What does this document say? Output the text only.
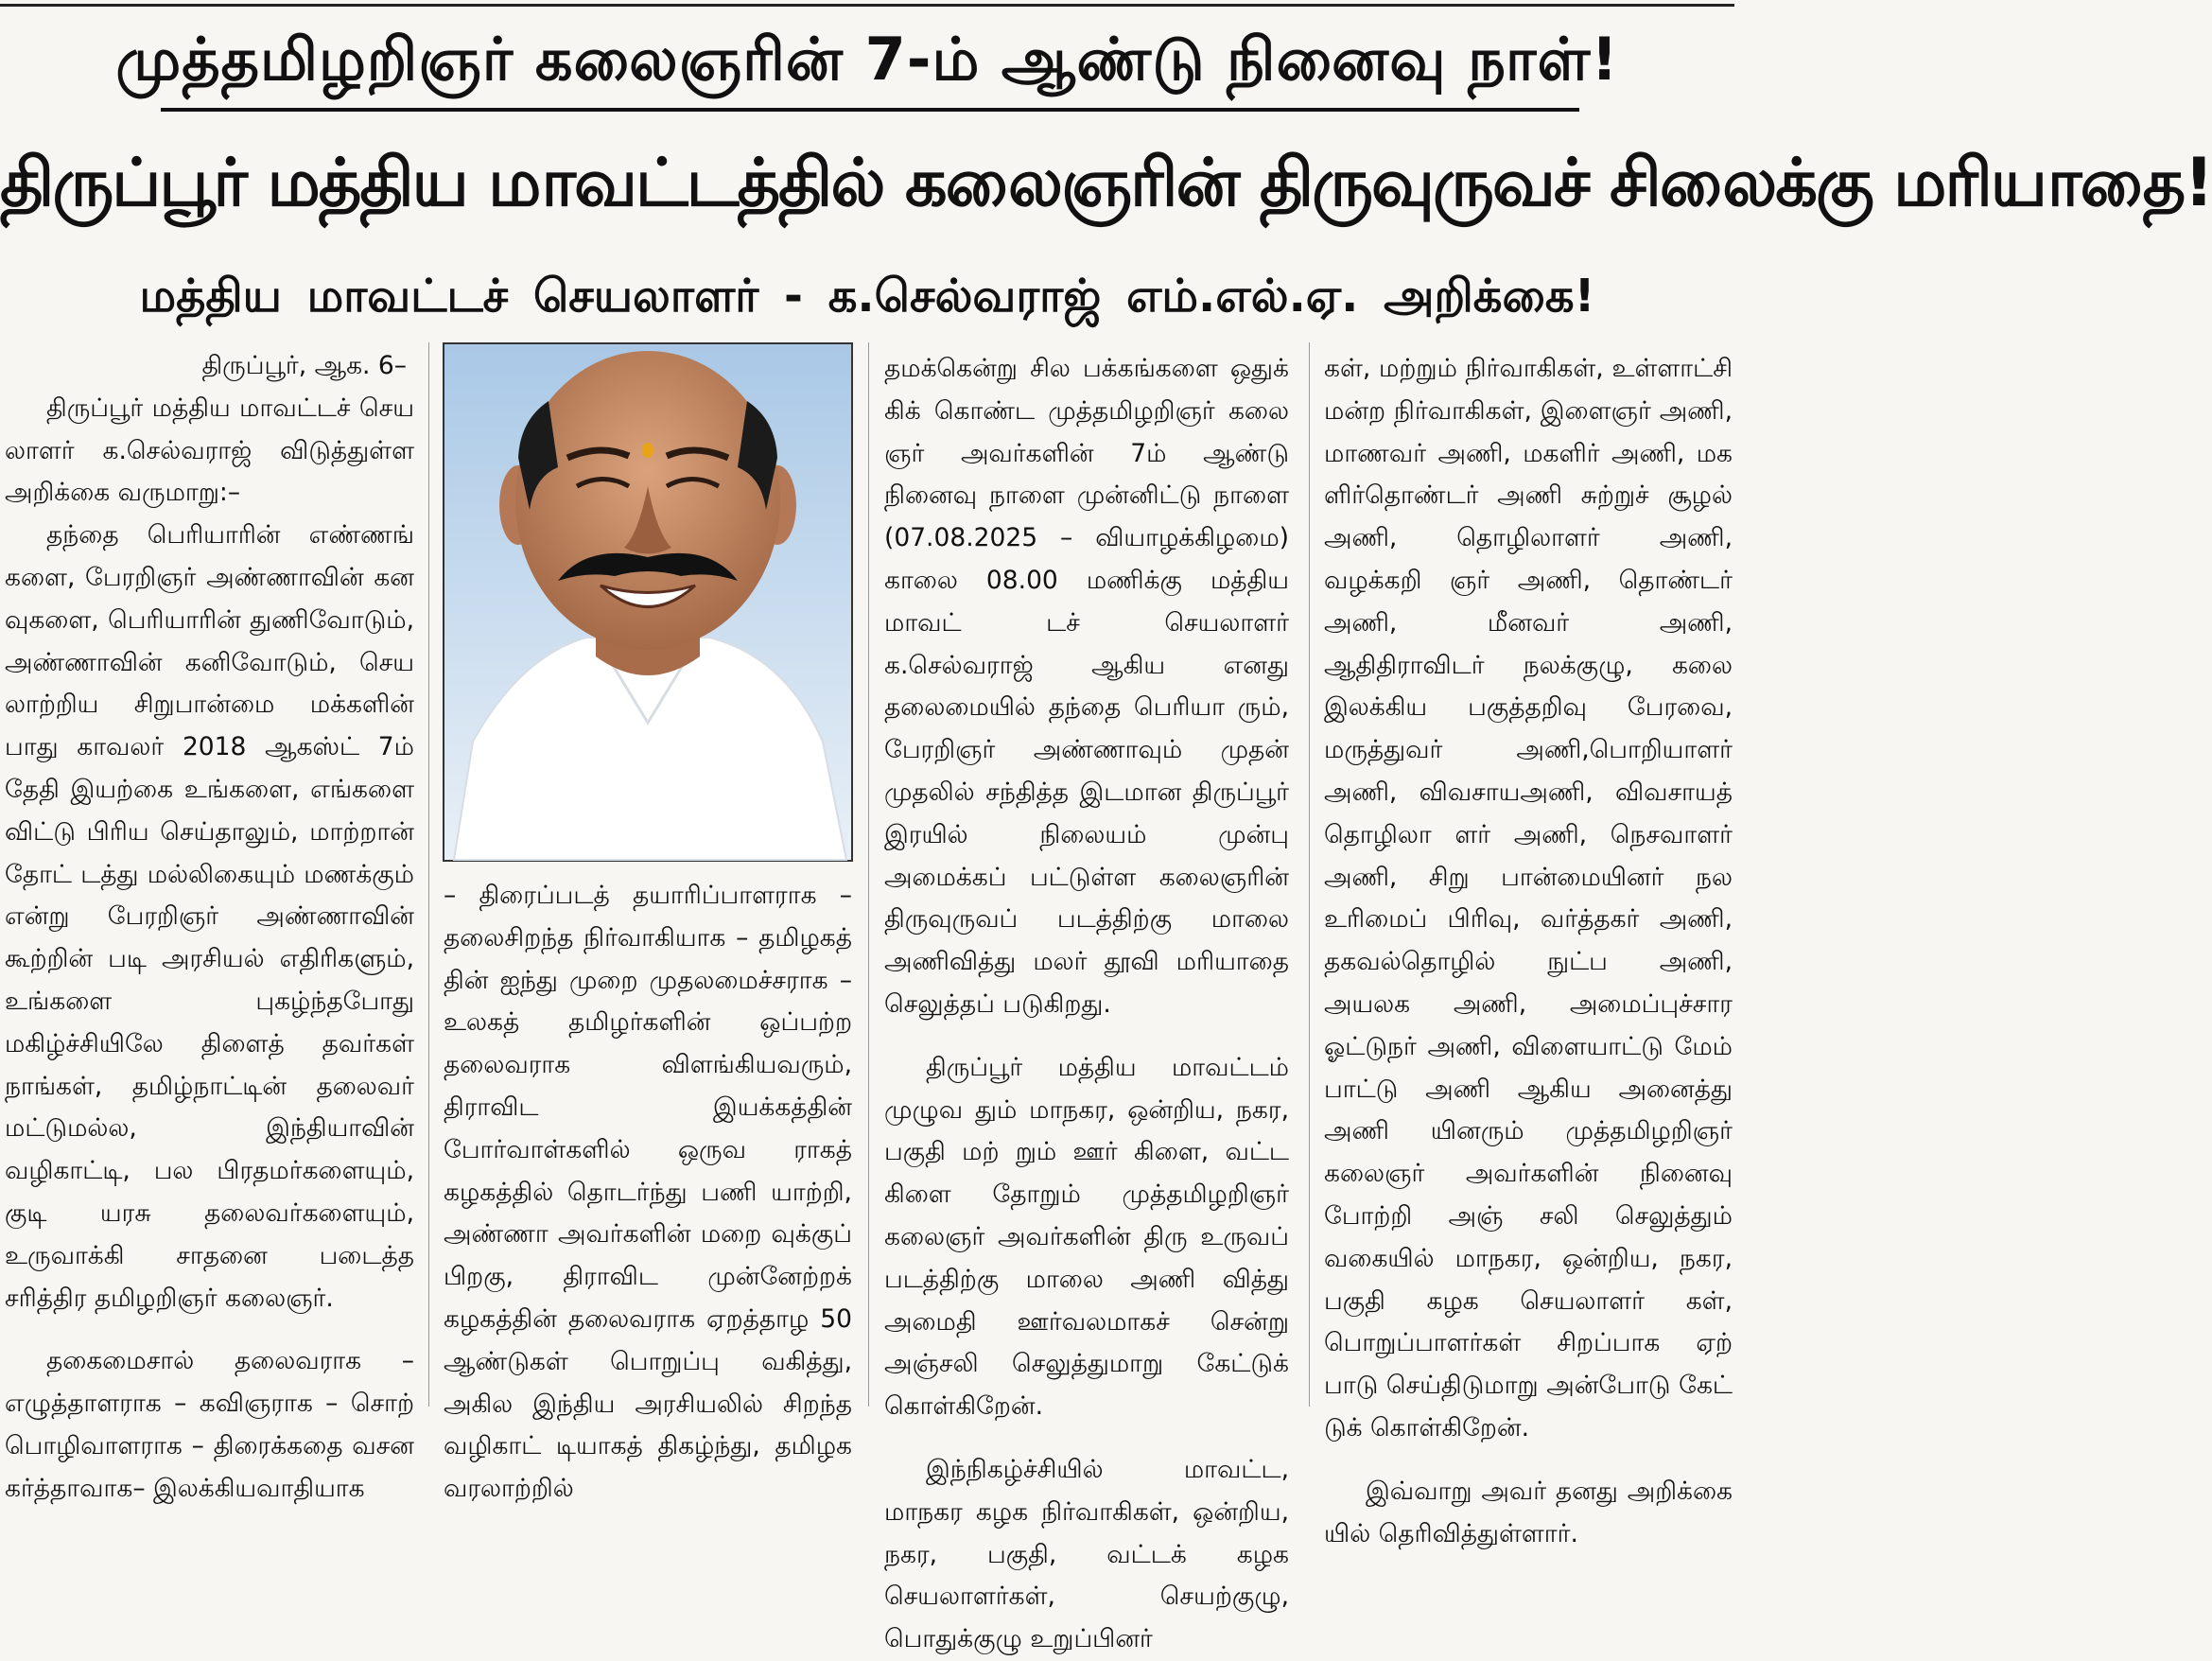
முத்தமிழறிஞர் கலைஞரின் 7-ம் ஆண்டு நினைவு நாள்!
திருப்பூர் மத்திய மாவட்டத்தில் கலைஞரின் திருவுருவச் சிலைக்கு மரியாதை!
மத்திய மாவட்டச் செயலாளர் - க.செல்வராஜ் எம்.எல்.ஏ. அறிக்கை!

திருப்பூர், ஆக. 6–

திருப்பூர் மத்திய மாவட்டச் செய லாளர் க.செல்வராஜ் விடுத்துள்ள அறிக்கை வருமாறு:–

தந்தை பெரியாரின் எண்ணங் களை, பேரறிஞர் அண்ணாவின் கன வுகளை, பெரியாரின் துணிவோடும், அண்ணாவின் கனிவோடும், செய லாற்றிய சிறுபான்மை மக்களின் பாது காவலர் 2018 ஆகஸ்ட் 7ம் தேதி இயற்கை உங்களை, எங்களை விட்டு பிரிய செய்தாலும், மாற்றான் தோட் டத்து மல்லிகையும் மணக்கும் என்று பேரறிஞர் அண்ணாவின் கூற்றின் படி அரசியல் எதிரிகளும், உங்களை புகழ்ந்தபோது மகிழ்ச்சியிலே திளைத் தவர்கள் நாங்கள், தமிழ்நாட்டின் தலைவர் மட்டுமல்ல, இந்தியாவின் வழிகாட்டி, பல பிரதமர்களையும், குடி யரசு தலைவர்களையும், உருவாக்கி சாதனை படைத்த சரித்திர தமிழறிஞர் கலைஞர்.

தகைமைசால் தலைவராக – எழுத்தாளராக – கவிஞராக – சொற் பொழிவாளராக – திரைக்கதை வசன கர்த்தாவாக– இலக்கியவாதியாக

– திரைப்படத் தயாரிப்பாளராக – தலைசிறந்த நிர்வாகியாக – தமிழகத் தின் ஐந்து முறை முதலமைச்சராக – உலகத் தமிழர்களின் ஒப்பற்ற தலைவராக விளங்கியவரும், திராவிட இயக்கத்தின் போர்வாள்களில் ஒருவ ராகத் கழகத்தில் தொடர்ந்து பணி யாற்றி, அண்ணா அவர்களின் மறை வுக்குப் பிறகு, திராவிட முன்னேற்றக் கழகத்தின் தலைவராக ஏறத்தாழ 50 ஆண்டுகள் பொறுப்பு வகித்து, அகில இந்திய அரசியலில் சிறந்த வழிகாட் டியாகத் திகழ்ந்து, தமிழக வரலாற்றில்

தமக்கென்று சில பக்கங்களை ஒதுக் கிக் கொண்ட முத்தமிழறிஞர் கலை ஞர் அவர்களின் 7ம் ஆண்டு நினைவு நாளை முன்னிட்டு நாளை (07.08.2025 – வியாழக்கிழமை) காலை 08.00 மணிக்கு மத்திய மாவட் டச் செயலாளர் க.செல்வராஜ் ஆகிய எனது தலைமையில் தந்தை பெரியா ரும், பேரறிஞர் அண்ணாவும் முதன் முதலில் சந்தித்த இடமான திருப்பூர் இரயில் நிலையம் முன்பு அமைக்கப் பட்டுள்ள கலைஞரின் திருவுருவப் படத்திற்கு மாலை அணிவித்து மலர் தூவி மரியாதை செலுத்தப் படுகிறது.

திருப்பூர் மத்திய மாவட்டம் முழுவ தும் மாநகர, ஒன்றிய, நகர, பகுதி மற் றும் ஊர் கிளை, வட்ட கிளை தோறும் முத்தமிழறிஞர் கலைஞர் அவர்களின் திரு உருவப் படத்திற்கு மாலை அணி வித்து அமைதி ஊர்வலமாகச் சென்று அஞ்சலி செலுத்துமாறு கேட்டுக் கொள்கிறேன்.

இந்நிகழ்ச்சியில் மாவட்ட, மாநகர கழக நிர்வாகிகள், ஒன்றிய, நகர, பகுதி, வட்டக் கழக செயலாளர்கள், செயற்குழு, பொதுக்குழு உறுப்பினர்

கள், மற்றும் நிர்வாகிகள், உள்ளாட்சி மன்ற நிர்வாகிகள், இளைஞர் அணி, மாணவர் அணி, மகளிர் அணி, மக ளிர்தொண்டர் அணி சுற்றுச் சூழல் அணி, தொழிலாளர் அணி, வழக்கறி ஞர் அணி, தொண்டர் அணி, மீனவர் அணி, ஆதிதிராவிடர் நலக்குழு, கலை இலக்கிய பகுத்தறிவு பேரவை, மருத்துவர் அணி,பொறியாளர் அணி, விவசாயஅணி, விவசாயத் தொழிலா ளர் அணி, நெசவாளர் அணி, சிறு பான்மையினர் நல உரிமைப் பிரிவு, வர்த்தகர் அணி, தகவல்தொழில் நுட்ப அணி, அயலக அணி, அமைப்புச்சார ஓட்டுநர் அணி, விளையாட்டு மேம் பாட்டு அணி ஆகிய அனைத்து அணி யினரும் முத்தமிழறிஞர் கலைஞர் அவர்களின் நினைவு போற்றி அஞ் சலி செலுத்தும் வகையில் மாநகர, ஒன்றிய, நகர, பகுதி கழக செயலாளர் கள், பொறுப்பாளர்கள் சிறப்பாக ஏற் பாடு செய்திடுமாறு அன்போடு கேட் டுக் கொள்கிறேன்.

இவ்வாறு அவர் தனது அறிக்கை யில் தெரிவித்துள்ளார்.
